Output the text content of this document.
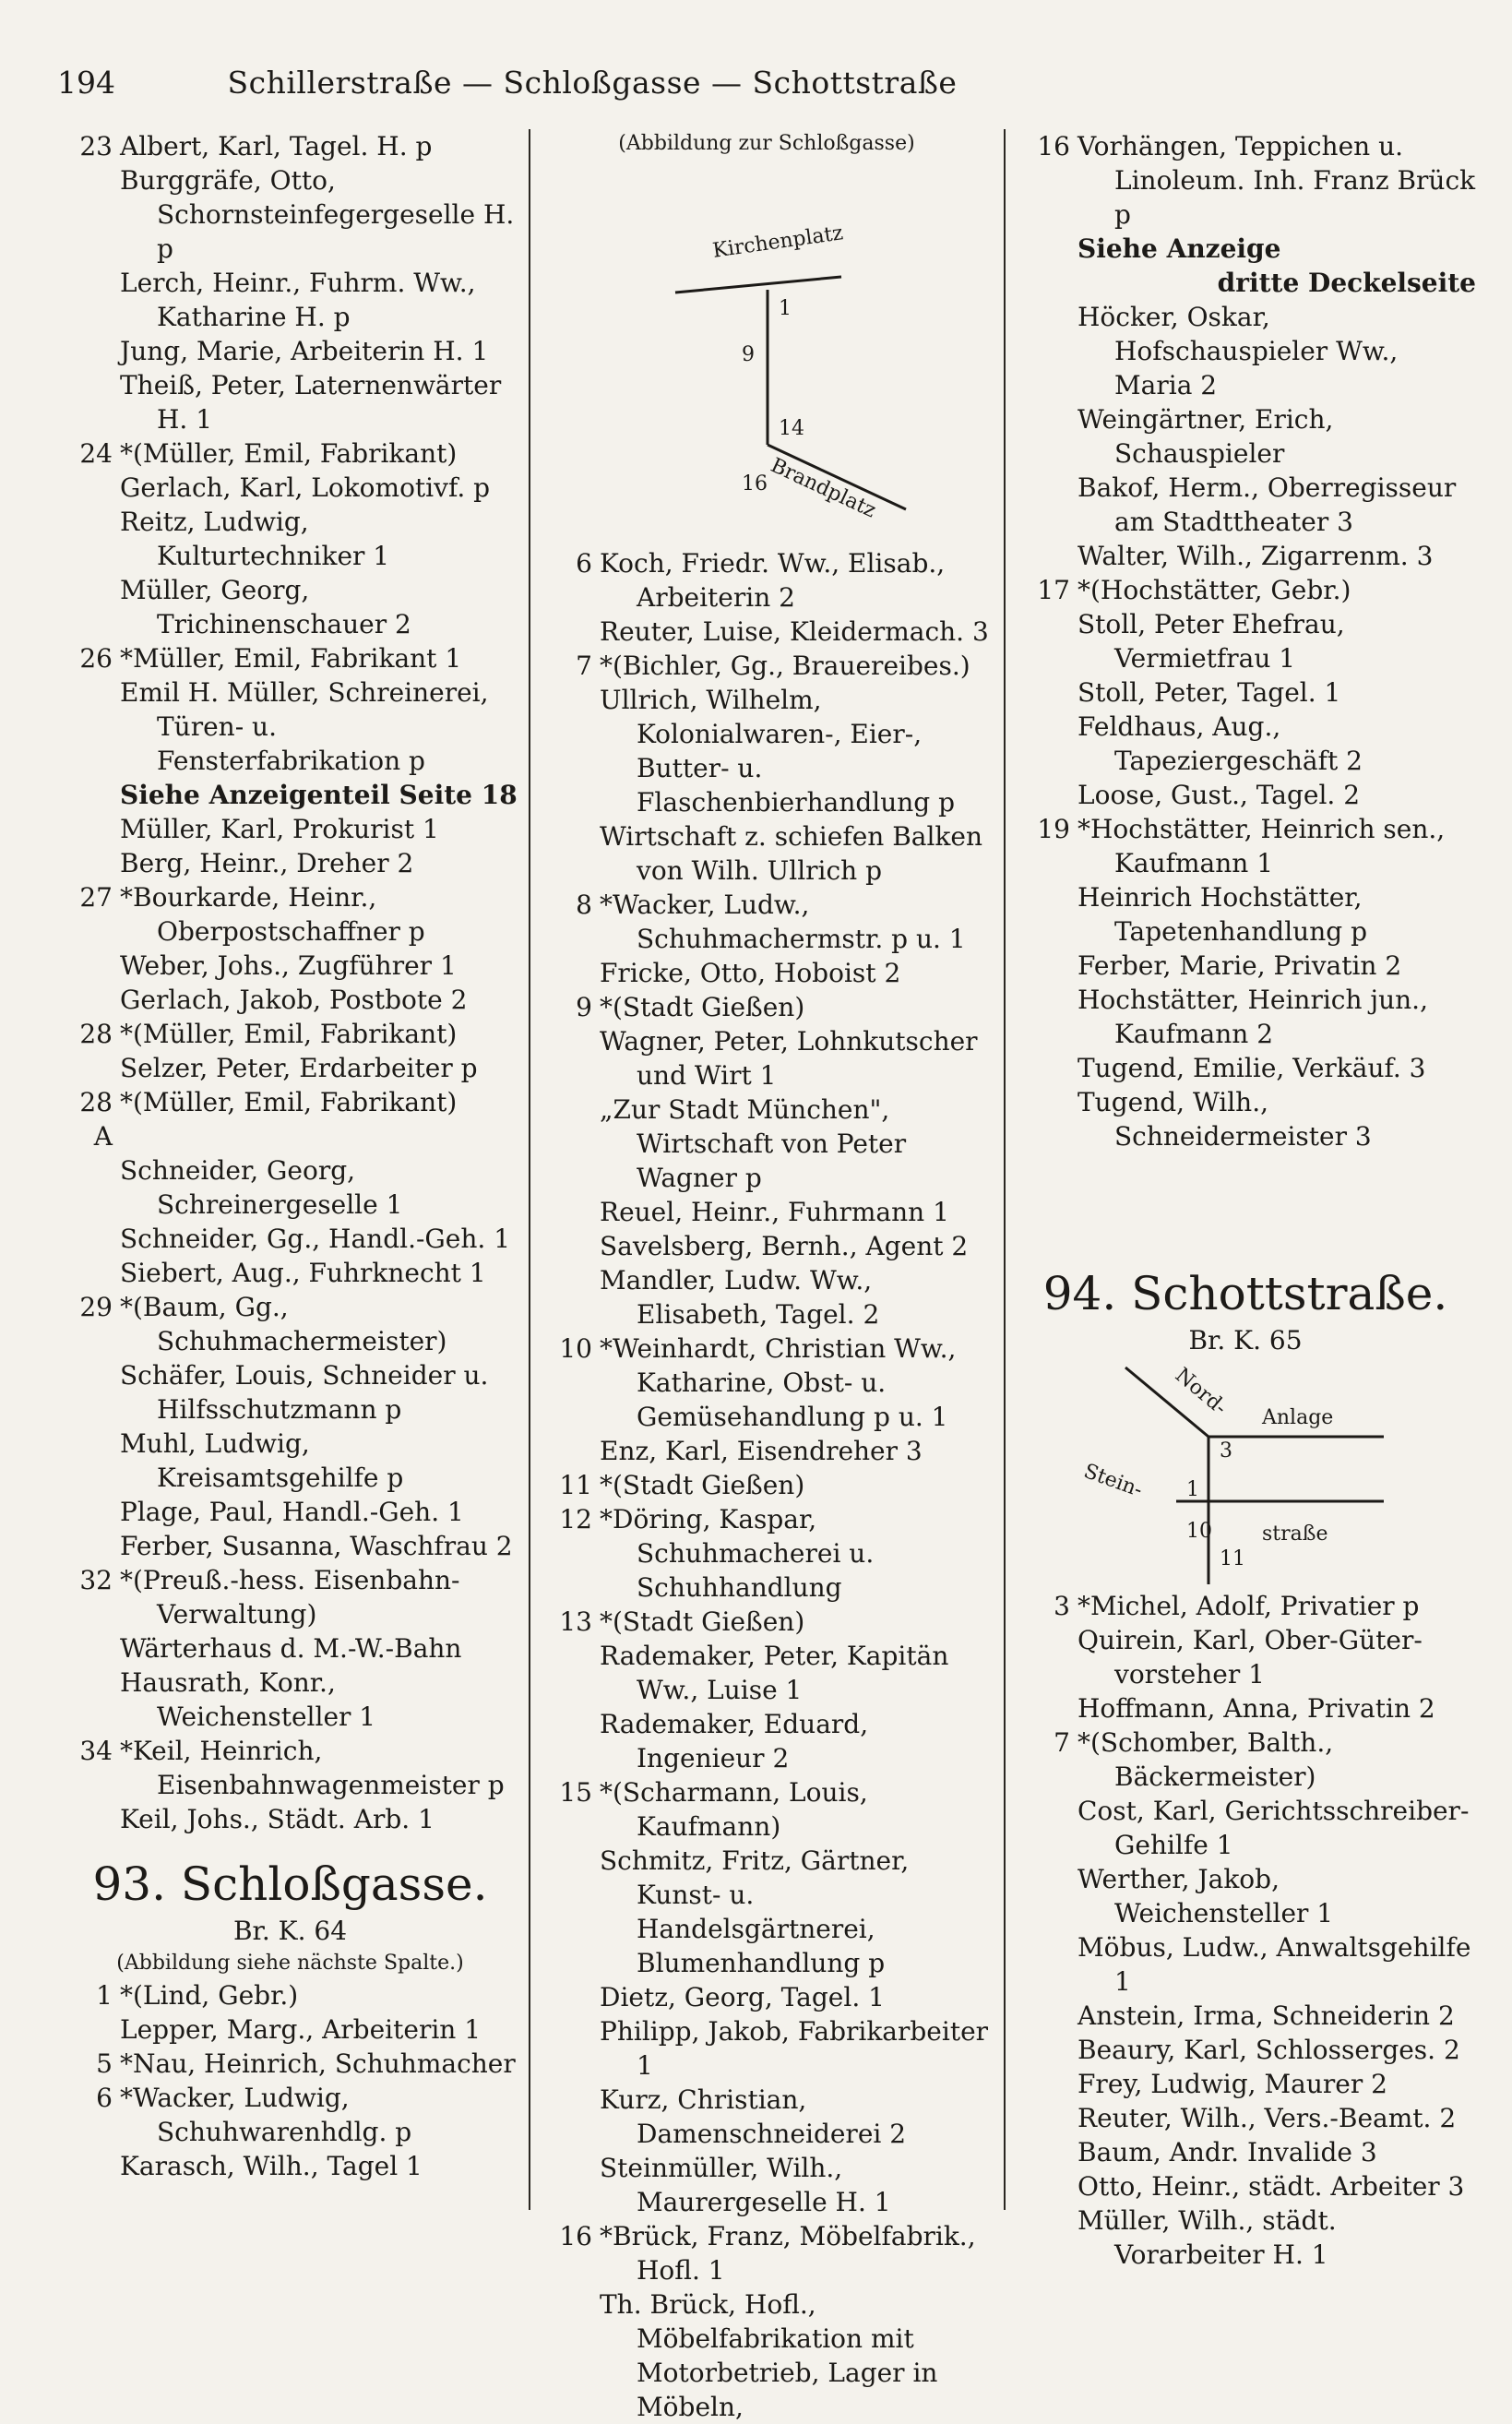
Schillerstraße — Schloßgasse — Schottstraße
194
23 Albert, Karl, Tagel. H. p
Burggräfe, Otto, Schornsteinfegergeselle H. p
Lerch, Heinr., Fuhrm. Ww., Katharine H. p
Jung, Marie, Arbeiterin H. 1
Theiß, Peter, Laternenwärter H. 1
24 *(Müller, Emil, Fabrikant)
Gerlach, Karl, Lokomotivf. p
Reitz, Ludwig, Kulturtechniker 1
Müller, Georg, Trichinenschauer 2
26 *Müller, Emil, Fabrikant 1
Emil H. Müller, Schreinerei, Türen- u. Fensterfabrikation p
Siehe Anzeigenteil Seite 18
Müller, Karl, Prokurist 1
Berg, Heinr., Dreher 2
27 *Bourkarde, Heinr., Oberpostschaffner p
Weber, Johs., Zugführer 1
Gerlach, Jakob, Postbote 2
28 *(Müller, Emil, Fabrikant)
Selzer, Peter, Erdarbeiter p
28 A
*(Müller, Emil, Fabrikant)
Schneider, Georg, Schreinergeselle 1
Schneider, Gg., Handl.-Geh. 1
Siebert, Aug., Fuhrknecht 1
29 *(Baum, Gg., Schuhmachermeister)
Schäfer, Louis, Schneider u. Hilfsschutzmann p
Muhl, Ludwig, Kreisamtsgehilfe p
Plage, Paul, Handl.-Geh. 1
Ferber, Susanna, Waschfrau 2
32 *(Preuß.-hess. Eisenbahn-Verwaltung)
Wärterhaus d. M.-W.-Bahn
Hausrath, Konr., Weichensteller 1
34 *Keil, Heinrich, Eisenbahnwagenmeister p
Keil, Johs., Städt. Arb. 1
93. Schloßgasse.
Br. K. 64
(Abbildung siehe nächste Spalte.)
1 *(Lind, Gebr.)
Lepper, Marg., Arbeiterin 1
5 *Nau, Heinrich, Schuhmacher
6 *Wacker, Ludwig, Schuhwarenhdlg. p
Karasch, Wilh., Tagel 1
(Abbildung zur Schloßgasse)
Kirchenplatz
1
9
14
16 Brandplatz
6 Koch, Friedr. Ww., Elisab., Arbeiterin 2
Reuter, Luise, Kleidermach. 3
7 *(Bichler, Gg., Brauereibes.)
Ullrich, Wilhelm, Kolonialwaren-, Eier-, Butter- u. Flaschenbierhandlung p
Wirtschaft z. schiefen Balken von Wilh. Ullrich p
8 *Wacker, Ludw., Schuhmachermstr. p u. 1
Fricke, Otto, Hoboist 2
9 *(Stadt Gießen)
Wagner, Peter, Lohnkutscher und Wirt 1
„Zur Stadt München", Wirtschaft von Peter Wagner p
Reuel, Heinr., Fuhrmann 1
Savelsberg, Bernh., Agent 2
Mandler, Ludw. Ww., Elisabeth, Tagel. 2
10 *Weinhardt, Christian Ww., Katharine, Obst- u. Gemüsehandlung p u. 1
Enz, Karl, Eisendreher 3
11 *(Stadt Gießen)
12 *Döring, Kaspar, Schuhmacherei u. Schuhhandlung
13 *(Stadt Gießen)
Rademaker, Peter, Kapitän Ww., Luise 1
Rademaker, Eduard, Ingenieur 2
15 *(Scharmann, Louis, Kaufmann)
Schmitz, Fritz, Gärtner, Kunst- u. Handelsgärtnerei, Blumenhandlung p
Dietz, Georg, Tagel. 1
Philipp, Jakob, Fabrikarbeiter 1
Kurz, Christian, Damenschneiderei 2
Steinmüller, Wilh., Maurergeselle H. 1
16 *Brück, Franz, Möbelfabrik., Hofl. 1
Th. Brück, Hofl., Möbelfabrikation mit Motorbetrieb, Lager in Möbeln,
16 Vorhängen, Teppichen u. Linoleum. Inh. Franz Brück p
Siehe Anzeige
dritte Deckelseite
Höcker, Oskar, Hofschauspieler Ww., Maria 2
Weingärtner, Erich, Schauspieler
Bakof, Herm., Oberregisseur am Stadttheater 3
Walter, Wilh., Zigarrenm. 3
17 *(Hochstätter, Gebr.)
Stoll, Peter Ehefrau, Vermietfrau 1
Stoll, Peter, Tagel. 1
Feldhaus, Aug., Tapeziergeschäft 2
Loose, Gust., Tagel. 2
19 *Hochstätter, Heinrich sen., Kaufmann 1
Heinrich Hochstätter, Tapetenhandlung p
Ferber, Marie, Privatin 2
Hochstätter, Heinrich jun., Kaufmann 2
Tugend, Emilie, Verkäuf. 3
Tugend, Wilh., Schneidermeister 3
94. Schottstraße.
Br. K. 65
Nord- Anlage
Stein-
straße
3
1
10
11
3 *Michel, Adolf, Privatier p
Quirein, Karl, Ober-Güter-vorsteher 1
Hoffmann, Anna, Privatin 2
7 *(Schomber, Balth., Bäckermeister)
Cost, Karl, Gerichtsschreiber-Gehilfe 1
Werther, Jakob, Weichensteller 1
Möbus, Ludw., Anwaltsgehilfe 1
Anstein, Irma, Schneiderin 2
Beaury, Karl, Schlosserges. 2
Frey, Ludwig, Maurer 2
Reuter, Wilh., Vers.-Beamt. 2
Baum, Andr. Invalide 3
Otto, Heinr., städt. Arbeiter 3
Müller, Wilh., städt. Vorarbeiter H. 1
